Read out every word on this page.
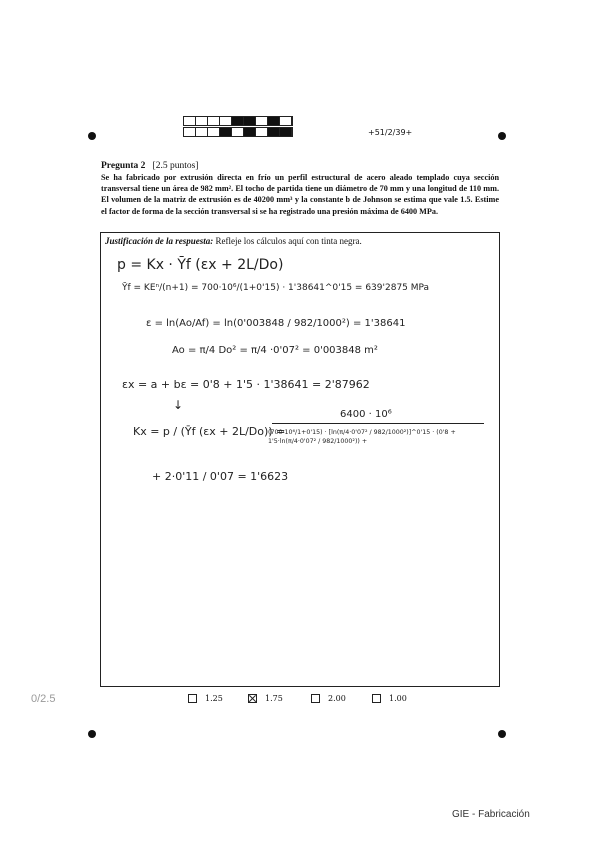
+51/2/39+
Pregunta 2 [2.5 puntos]
Se ha fabricado por extrusión directa en frío un perfil estructural de acero aleado templado cuya sección transversal tiene un área de 982 mm². El tocho de partida tiene un diámetro de 70 mm y una longitud de 110 mm. El volumen de la matriz de extrusión es de 40200 mm³ y la constante b de Johnson se estima que vale 1.5. Estime el factor de forma de la sección transversal si se ha registrado una presión máxima de 6400 MPa.
Justificación de la respuesta: Refleje los cálculos aquí con tinta negra.
p = Kx · Ȳf (εx + 2L/Do)
Ȳf = KEⁿ/(n+1) = 700·10⁶/(1+0'15) · 1'38641^0'15 = 639'2875 MPa
ε = ln(Ao/Af) = ln(0'003848 / 982/1000²) = 1'38641
Ao = π/4 Do² = π/4 ·0'07² = 0'003848 m²
εx = a + bε = 0'8 + 1'5 · 1'38641 = 2'87962
↓
Kx = p / (Ȳf (εx + 2L/Do)) =
6400 · 10⁶
(700·10⁶/1+0'15) · [ln(π/4·0'07² / 982/1000²)]^0'15 · (0'8 + 1'5·ln(π/4·0'07² / 982/1000²)) +
+ 2·0'11 / 0'07 = 1'6623
0/2.5	1.25	1.75	2.00	1.00
GIE - Fabricación
